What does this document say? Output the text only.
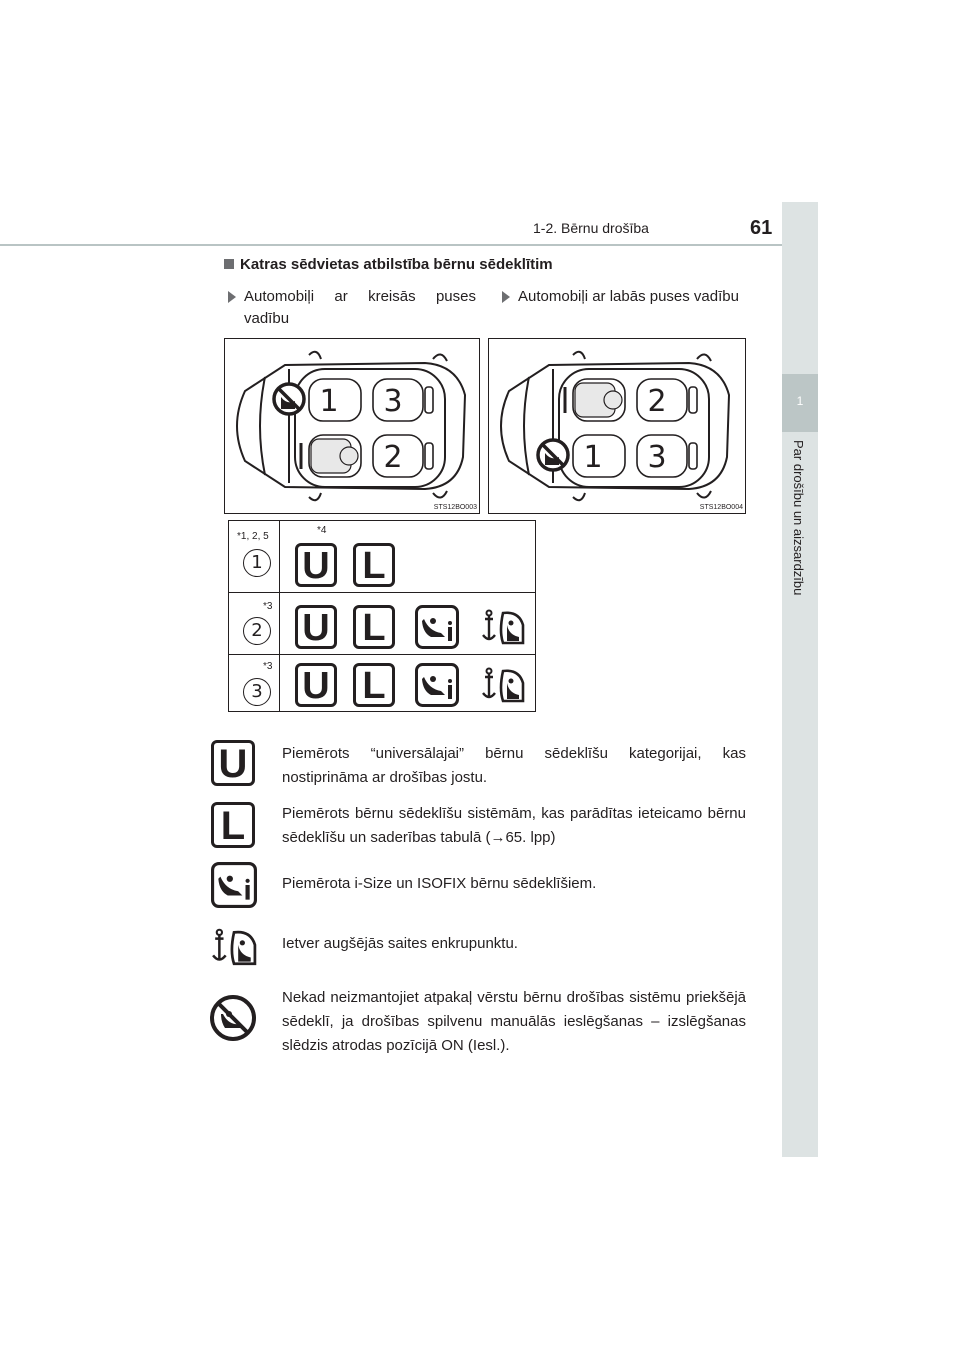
1-2. Bērnu drošība	61
1
Par drošību un aizsardzību
Katras sēdvietas atbilstība bērnu sēdeklītim
Automobiļi ar kreisās puses vadību
Automobiļi ar labās puses vadību
1 3
2
STS12BO003
2
1 3
STS12BO004
*1, 2, 5
1
*4
U L
*3
2 U L
*3
3 U L
U
L
Piemērots “universālajai” bērnu sēdeklīšu kategorijai, kas nostiprināma ar drošības jostu.
Piemērots bērnu sēdeklīšu sistēmām, kas parādītas ieteicamo bērnu sēdeklīšu un saderības tabulā (→65. lpp)
Piemērota i-Size un ISOFIX bērnu sēdeklīšiem.
Ietver augšējās saites enkrupunktu.
Nekad neizmantojiet atpakaļ vērstu bērnu drošības sistēmu priekšējā sēdeklī, ja drošības spilvenu manuālās ieslēgšanas – izslēgšanas slēdzis atrodas pozīcijā ON (Iesl.).
